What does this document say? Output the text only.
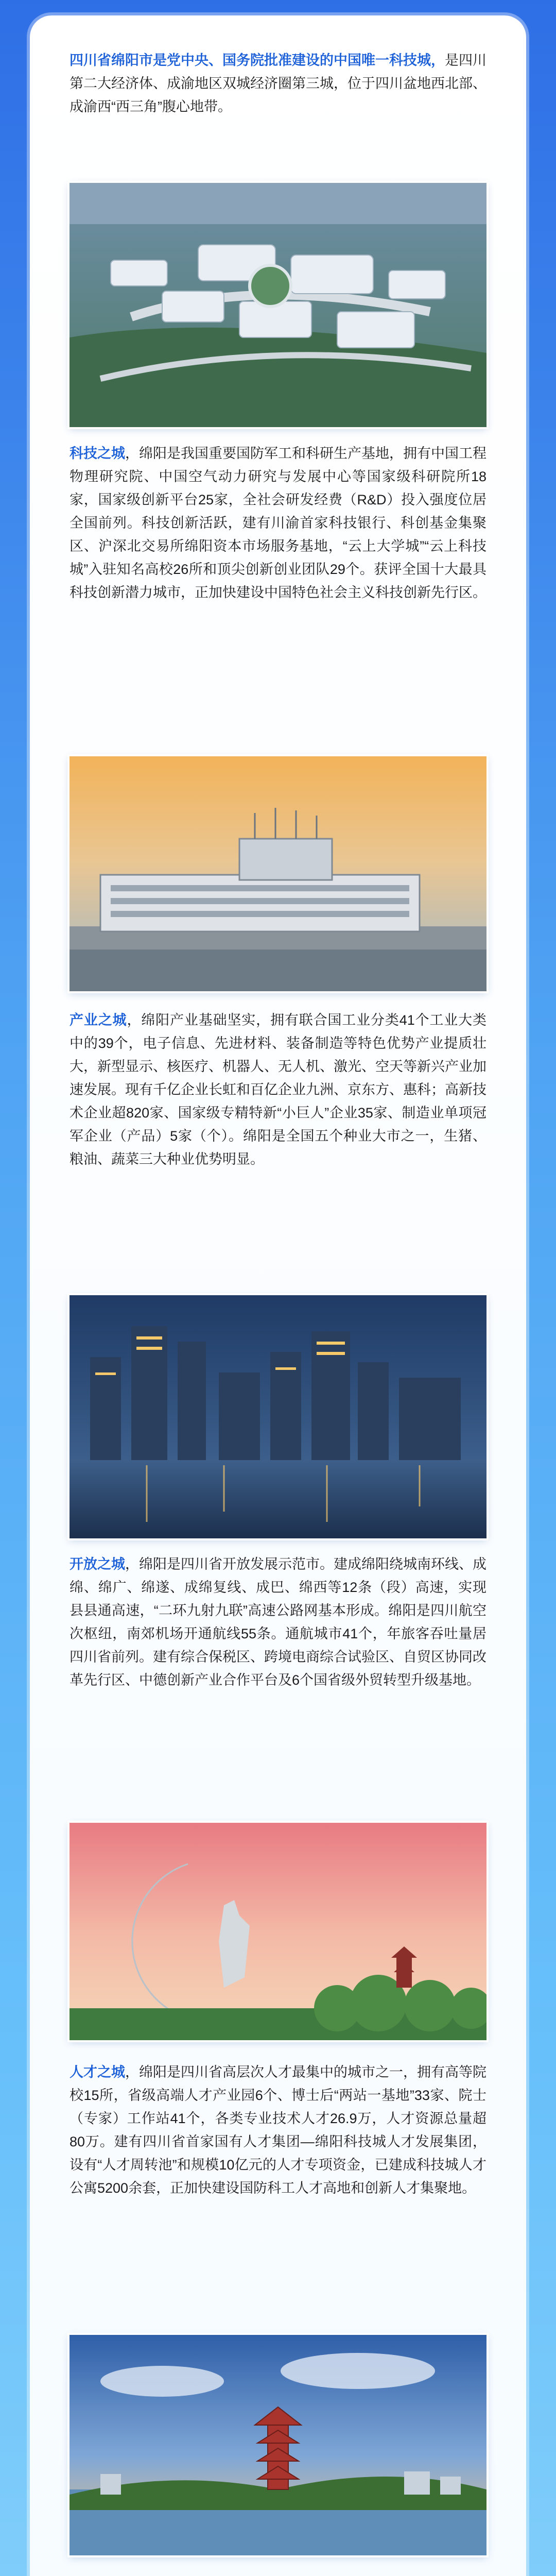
四川省绵阳市是党中央、国务院批准建设的中国唯一科技城，是四川第二大经济体、成渝地区双城经济圈第三城，位于四川盆地西北部、成渝西“西三角”腹心地带。

科技之城，绵阳是我国重要国防军工和科研生产基地，拥有中国工程物理研究院、中国空气动力研究与发展中心等国家级科研院所18家，国家级创新平台25家，全社会研发经费（R&D）投入强度位居全国前列。科技创新活跃，建有川渝首家科技银行、科创基金集聚区、沪深北交易所绵阳资本市场服务基地，“云上大学城”“云上科技城”入驻知名高校26所和顶尖创新创业团队29个。获评全国十大最具科技创新潜力城市，正加快建设中国特色社会主义科技创新先行区。

产业之城，绵阳产业基础坚实，拥有联合国工业分类41个工业大类中的39个，电子信息、先进材料、装备制造等特色优势产业提质壮大，新型显示、核医疗、机器人、无人机、激光、空天等新兴产业加速发展。现有千亿企业长虹和百亿企业九洲、京东方、惠科；高新技术企业超820家、国家级专精特新“小巨人”企业35家、制造业单项冠军企业（产品）5家（个）。绵阳是全国五个种业大市之一，生猪、粮油、蔬菜三大种业优势明显。

开放之城，绵阳是四川省开放发展示范市。建成绵阳绕城南环线、成绵、绵广、绵遂、成绵复线、成巴、绵西等12条（段）高速，实现县县通高速，“二环九射九联”高速公路网基本形成。绵阳是四川航空次枢纽，南郊机场开通航线55条。通航城市41个，年旅客吞吐量居四川省前列。建有综合保税区、跨境电商综合试验区、自贸区协同改革先行区、中德创新产业合作平台及6个国省级外贸转型升级基地。

人才之城，绵阳是四川省高层次人才最集中的城市之一，拥有高等院校15所，省级高端人才产业园6个、博士后“两站一基地”33家、院士（专家）工作站41个，各类专业技术人才26.9万，人才资源总量超80万。建有四川省首家国有人才集团—绵阳科技城人才发展集团，设有“人才周转池”和规模10亿元的人才专项资金，已建成科技城人才公寓5200余套，正加快建设国防科工人才高地和创新人才集聚地。
